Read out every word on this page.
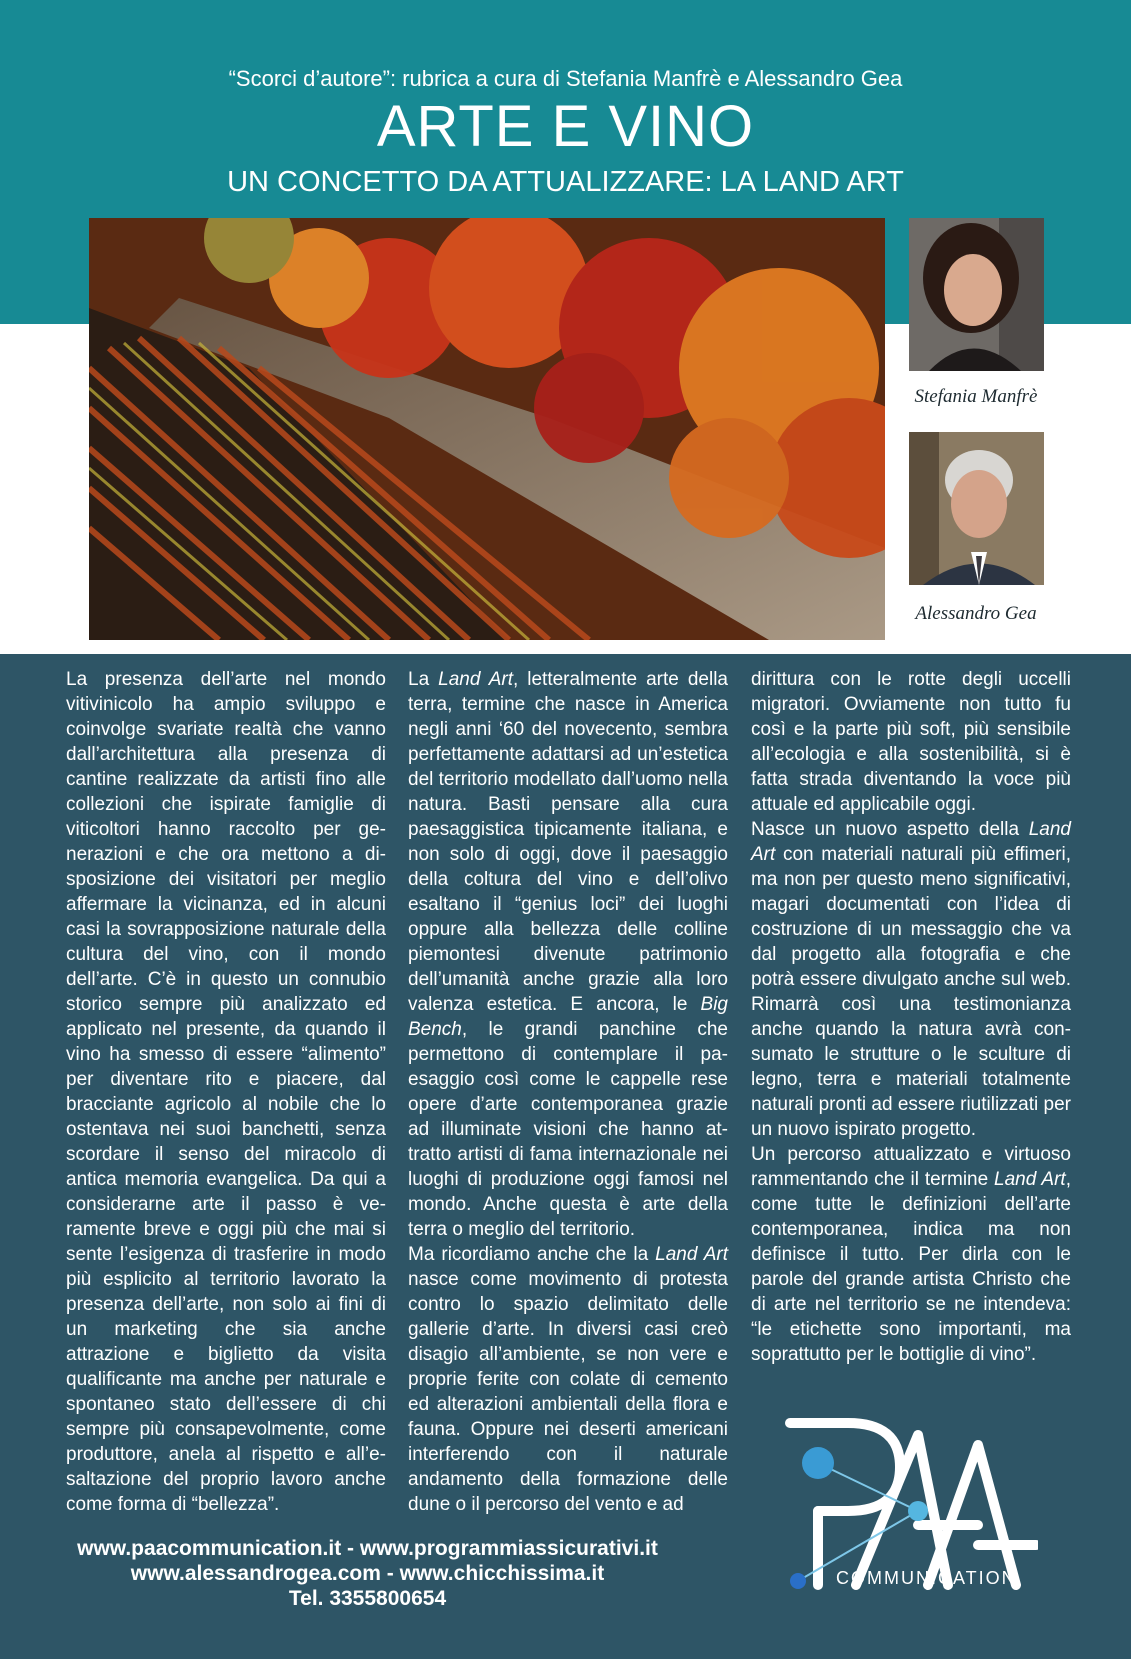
“Scorci d’autore”: rubrica a cura di Stefania Manfrè e Alessandro Gea
ARTE E VINO
UN CONCETTO DA ATTUALIZZARE: LA LAND ART
Stefania Manfrè
Alessandro Gea

La presenza dell’arte nel mondo vitivinicolo ha ampio sviluppo e coinvolge svariate realtà che vanno dall’architettura alla presenza di cantine realizzate da artisti fino alle collezioni che ispirate famiglie di viticoltori hanno raccolto per generazioni e che ora mettono a disposizione dei visitatori per meglio affermare la vicinanza, ed in alcuni casi la sovrapposizione naturale della cultura del vino, con il mondo dell’arte. C’è in questo un connubio storico sempre più analizzato ed applicato nel presente, da quando il vino ha smesso di essere “alimento” per diventare rito e piacere, dal bracciante agricolo al nobile che lo ostentava nei suoi banchetti, senza scordare il senso del miracolo di antica memoria evangelica. Da qui a considerarne arte il passo è veramente breve e oggi più che mai si sente l’esigenza di trasferire in modo più esplicito al territorio lavorato la presenza dell’arte, non solo ai fini di un marketing che sia anche attrazione e biglietto da visita qualificante ma anche per naturale e spontaneo stato dell’essere di chi sempre più consapevolmente, come produttore, anela al rispetto e all’esaltazione del proprio lavoro anche come forma di “bellezza”.

La Land Art, letteralmente arte della terra, termine che nasce in America negli anni ‘60 del novecento, sembra perfettamente adattarsi ad un’estetica del territorio modellato dall’uomo nella natura. Basti pensare alla cura paesaggistica tipicamente italiana, e non solo di oggi, dove il paesaggio della coltura del vino e dell’olivo esaltano il “genius loci” dei luoghi oppure alla bellezza delle colline piemontesi divenute patrimonio dell’umanità anche grazie alla loro valenza estetica. E ancora, le Big Bench, le grandi panchine che permettono di contemplare il paesaggio così come le cappelle rese opere d’arte contemporanea grazie ad illuminate visioni che hanno attratto artisti di fama internazionale nei luoghi di produzione oggi famosi nel mondo. Anche questa è arte della terra o meglio del territorio.

Ma ricordiamo anche che la Land Art nasce come movimento di protesta contro lo spazio delimitato delle gallerie d’arte. In diversi casi creò disagio all’ambiente, se non vere e proprie ferite con colate di cemento ed alterazioni ambientali della flora e fauna. Oppure nei deserti americani interferendo con il naturale andamento della formazione delle dune o il percorso del vento e ad

dirittura con le rotte degli uccelli migratori. Ovviamente non tutto fu così e la parte più soft, più sensibile all’ecologia e alla sostenibilità, si è fatta strada diventando la voce più attuale ed applicabile oggi.

Nasce un nuovo aspetto della Land Art con materiali naturali più effimeri, ma non per questo meno significativi, magari documentati con l’idea di costruzione di un messaggio che va dal progetto alla fotografia e che potrà essere divulgato anche sul web. Rimarrà così una testimonianza anche quando la natura avrà consumato le strutture o le sculture di legno, terra e materiali totalmente naturali pronti ad essere riutilizzati per un nuovo ispirato progetto.

Un percorso attualizzato e virtuoso rammentando che il termine Land Art, come tutte le definizioni dell’arte contemporanea, indica ma non definisce il tutto. Per dirla con le parole del grande artista Christo che di arte nel territorio se ne intendeva: “le etichette sono importanti, ma soprattutto per le bottiglie di vino”.

www.paacommunication.it - www.programmiassicurativi.it
www.alessandrogea.com - www.chicchissima.it
Tel. 3355800654
COMMUNICATION
